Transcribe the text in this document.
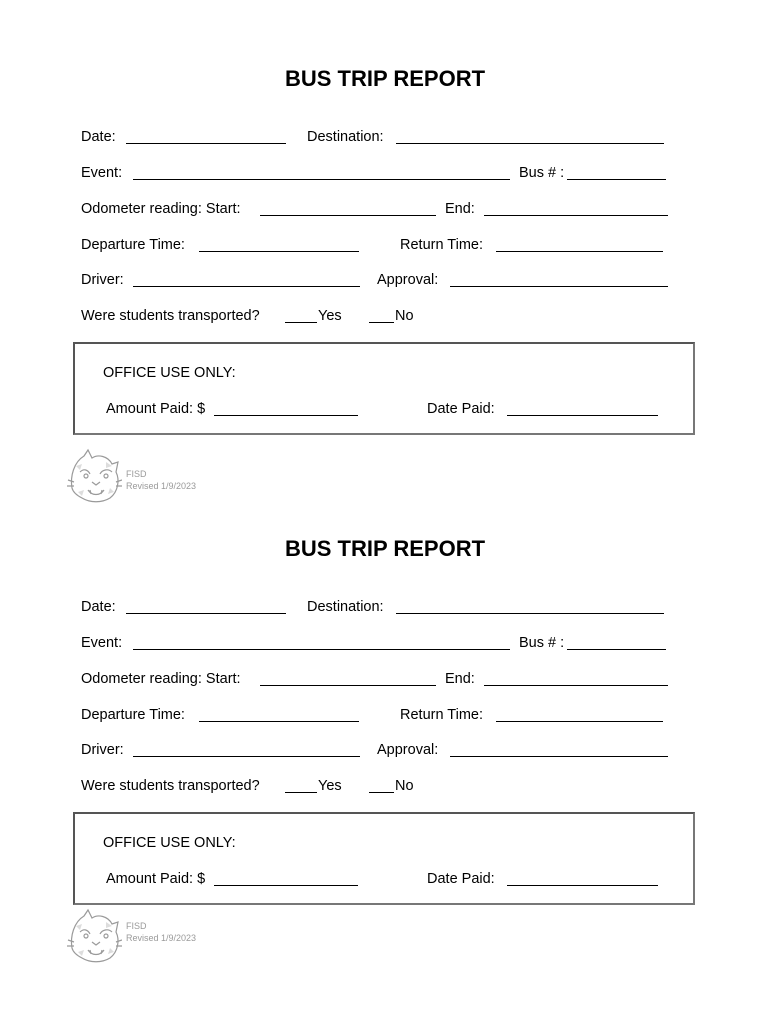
BUS TRIP REPORT
Date:	Destination:
Event:	Bus # :
Odometer reading: Start:	End:
Departure Time:	Return Time:
Driver:	Approval:
Were students transported?	Yes	No
OFFICE USE ONLY:
Amount Paid: $	Date Paid:
FISD
Revised 1/9/2023
BUS TRIP REPORT
Date:	Destination:
Event:	Bus # :
Odometer reading: Start:	End:
Departure Time:	Return Time:
Driver:	Approval:
Were students transported?	Yes	No
OFFICE USE ONLY:
Amount Paid: $	Date Paid:
FISD
Revised 1/9/2023
